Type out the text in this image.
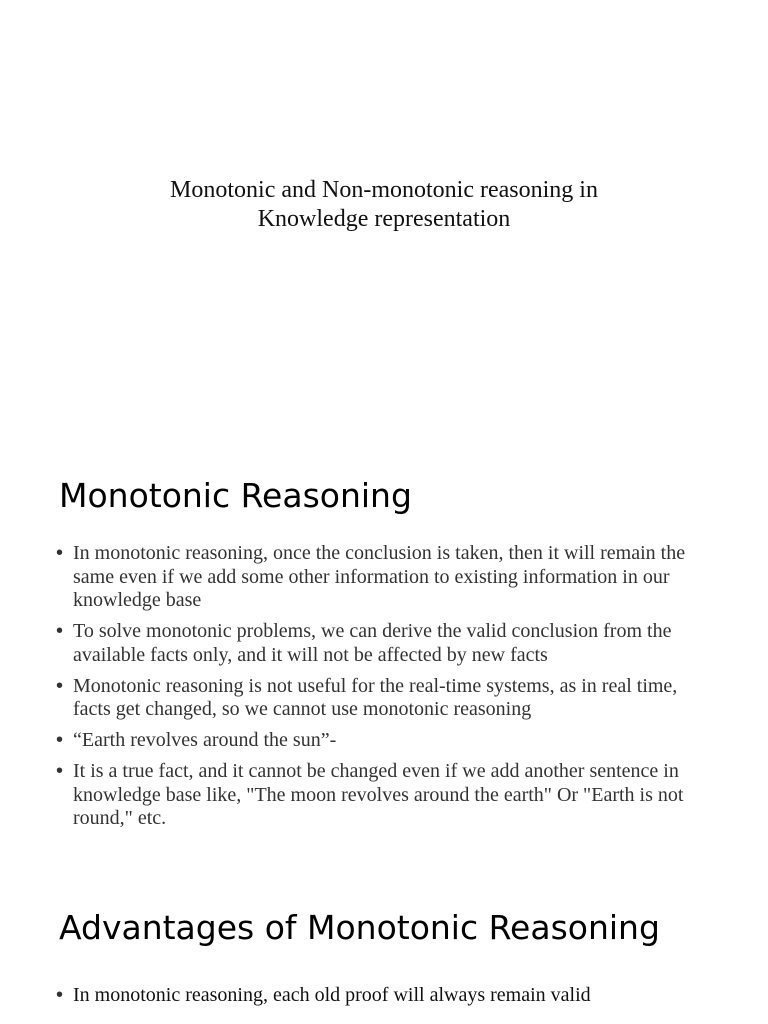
Monotonic and Non-monotonic reasoning in
Knowledge representation
Monotonic Reasoning
• In monotonic reasoning, once the conclusion is taken, then it will remain the same even if we add some other information to existing information in our knowledge base
• To solve monotonic problems, we can derive the valid conclusion from the available facts only, and it will not be affected by new facts
• Monotonic reasoning is not useful for the real-time systems, as in real time, facts get changed, so we cannot use monotonic reasoning
• “Earth revolves around the sun”-
• It is a true fact, and it cannot be changed even if we add another sentence in knowledge base like, "The moon revolves around the earth" Or "Earth is not round," etc.
Advantages of Monotonic Reasoning
• In monotonic reasoning, each old proof will always remain valid
